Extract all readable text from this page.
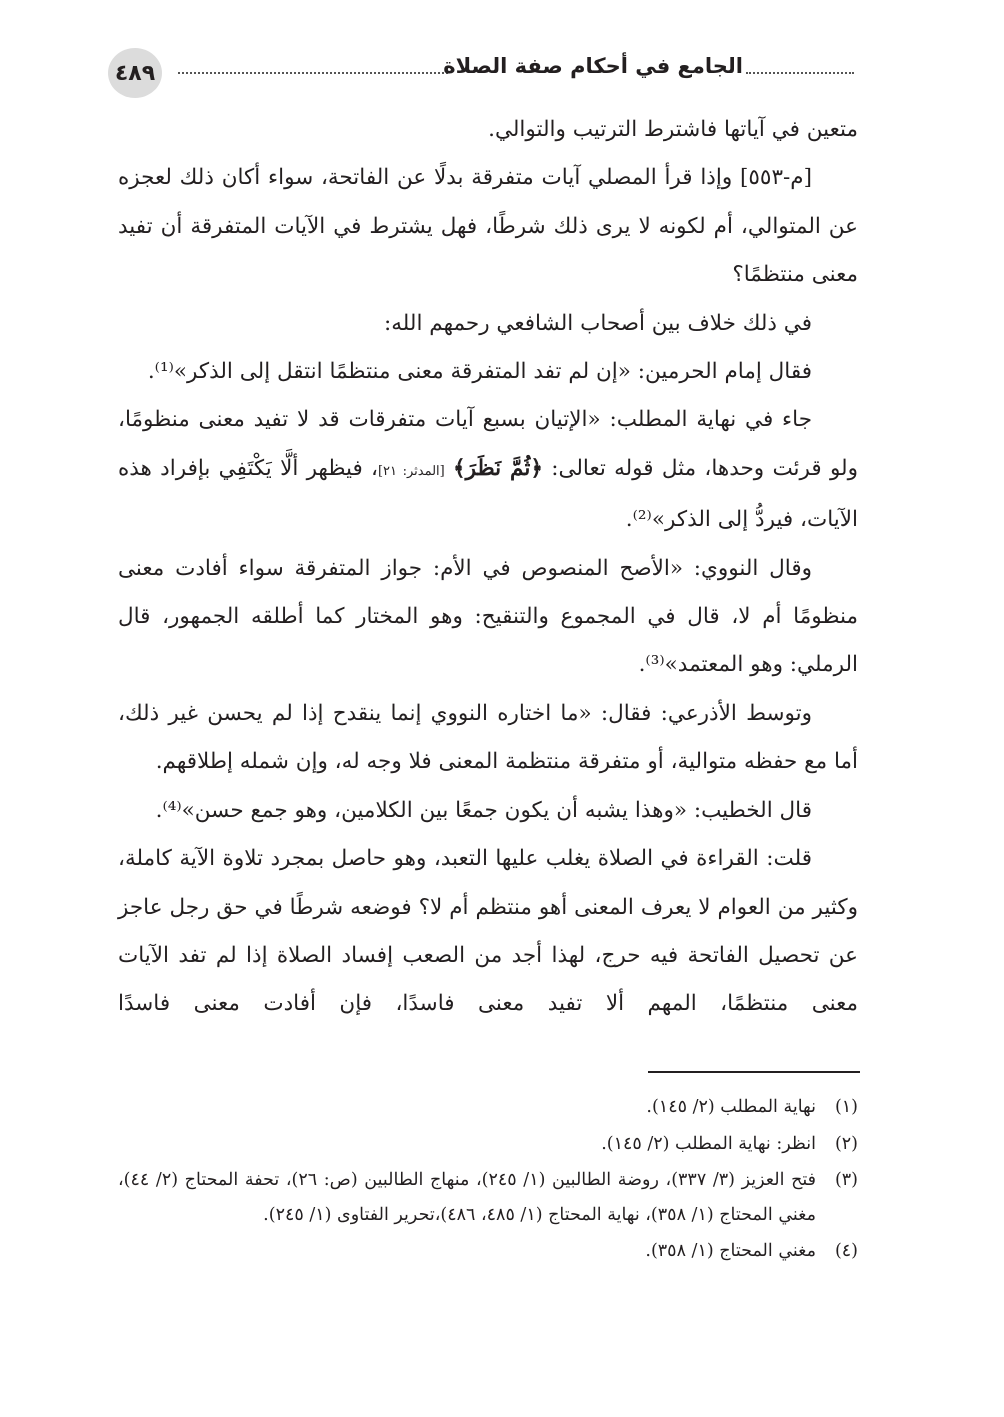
٤٨٩	الجامع في أحكام صفة الصلاة

متعين في آياتها فاشترط الترتيب والتوالي.

[م-٥٥٣] وإذا قرأ المصلي آيات متفرقة بدلًا عن الفاتحة، سواء أكان ذلك لعجزه عن المتوالي، أم لكونه لا يرى ذلك شرطًا، فهل يشترط في الآيات المتفرقة أن تفيد معنى منتظمًا؟

في ذلك خلاف بين أصحاب الشافعي رحمهم الله:

فقال إمام الحرمين: «إن لم تفد المتفرقة معنى منتظمًا انتقل إلى الذكر»⁽¹⁾.

جاء في نهاية المطلب: «الإتيان بسبع آيات متفرقات قد لا تفيد معنى منظومًا، ولو قرئت وحدها، مثل قوله تعالى: ﴿ثُمَّ نَظَرَ﴾ [المدثر: ٢١]، فيظهر ألَّا يَكْتَفِي بإفراد هذه الآيات، فيردُّ إلى الذكر»⁽²⁾.

وقال النووي: «الأصح المنصوص في الأم: جواز المتفرقة سواء أفادت معنى منظومًا أم لا، قال في المجموع والتنقيح: وهو المختار كما أطلقه الجمهور، قال الرملي: وهو المعتمد»⁽³⁾.

وتوسط الأذرعي: فقال: «ما اختاره النووي إنما ينقدح إذا لم يحسن غير ذلك، أما مع حفظه متوالية، أو متفرقة منتظمة المعنى فلا وجه له، وإن شمله إطلاقهم.

قال الخطيب: «وهذا يشبه أن يكون جمعًا بين الكلامين، وهو جمع حسن»⁽⁴⁾.

قلت: القراءة في الصلاة يغلب عليها التعبد، وهو حاصل بمجرد تلاوة الآية كاملة، وكثير من العوام لا يعرف المعنى أهو منتظم أم لا؟ فوضعه شرطًا في حق رجل عاجز عن تحصيل الفاتحة فيه حرج، لهذا أجد من الصعب إفساد الصلاة إذا لم تفد الآيات معنى منتظمًا، المهم ألا تفيد معنى فاسدًا، فإن أفادت معنى فاسدًا

(١)
نهاية المطلب (٢/ ١٤٥).
(٢)
انظر: نهاية المطلب (٢/ ١٤٥).
(٣)
فتح العزيز (٣/ ٣٣٧)، روضة الطالبين (١/ ٢٤٥)، منهاج الطالبين (ص: ٢٦)، تحفة المحتاج (٢/ ٤٤)، مغني المحتاج (١/ ٣٥٨)، نهاية المحتاج (١/ ٤٨٥، ٤٨٦)،تحرير الفتاوى (١/ ٢٤٥).
(٤)
مغني المحتاج (١/ ٣٥٨).
